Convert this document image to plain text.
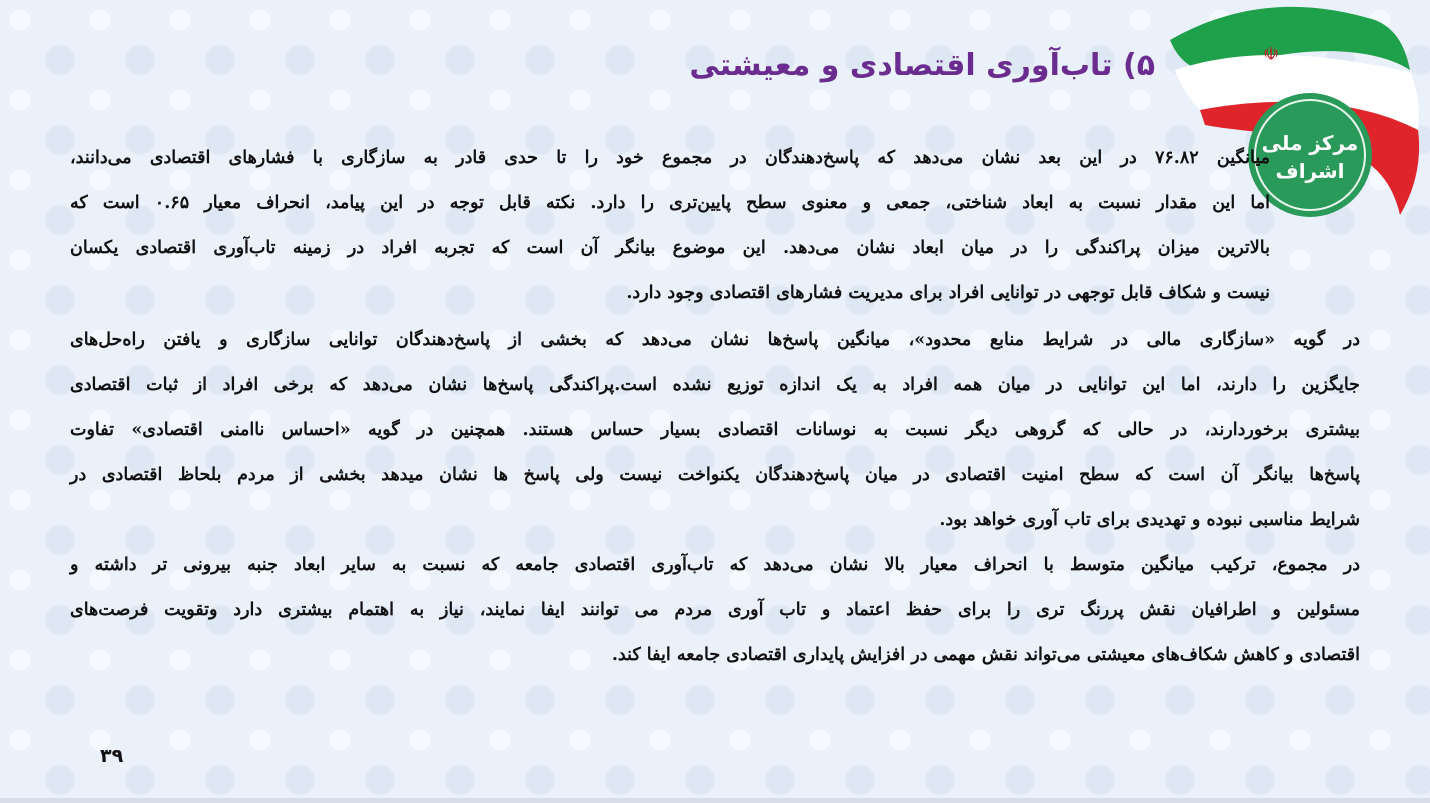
۵) تاب‌آوری اقتصادی و معیشتی	☫
مرکز ملی
اشراف
میانگین ۷۶.۸۲ در این بعد نشان می‌دهد که پاسخ‌دهندگان در مجموع خود را تا حدی قادر به سازگاری با فشارهای اقتصادی می‌دانند،
اما این مقدار نسبت به ابعاد شناختی، جمعی و معنوی سطح پایین‌تری را دارد. نکته قابل توجه در این پیامد، انحراف معیار ۰.۶۵ است که
بالاترین میزان پراکندگی را در میان ابعاد نشان می‌دهد. این موضوع بیانگر آن است که تجربه افراد در زمینه تاب‌آوری اقتصادی یکسان
نیست و شکاف قابل توجهی در توانایی افراد برای مدیریت فشارهای اقتصادی وجود دارد.
در گویه «سازگاری مالی در شرایط منابع محدود»، میانگین پاسخ‌ها نشان می‌دهد که بخشی از پاسخ‌دهندگان توانایی سازگاری و یافتن راه‌حل‌های
جایگزین را دارند، اما این توانایی در میان همه افراد به یک اندازه توزیع نشده است.پراکندگی پاسخ‌ها نشان می‌دهد که برخی افراد از ثبات اقتصادی
بیشتری برخوردارند، در حالی که گروهی دیگر نسبت به نوسانات اقتصادی بسیار حساس هستند. همچنین در گویه «احساس ناامنی اقتصادی» تفاوت
پاسخ‌ها بیانگر آن است که سطح امنیت اقتصادی در میان پاسخ‌دهندگان یکنواخت نیست ولی پاسخ ها نشان میدهد بخشی از مردم بلحاظ اقتصادی در
شرایط مناسبی نبوده و تهدیدی برای تاب آوری خواهد بود.
در مجموع، ترکیب میانگین متوسط با انحراف معیار بالا نشان می‌دهد که تاب‌آوری اقتصادی جامعه که نسبت به سایر ابعاد جنبه بیرونی تر داشته و
مسئولین و اطرافیان نقش پررنگ تری را برای حفظ اعتماد و تاب آوری مردم می توانند ایفا نمایند، نیاز به اهتمام بیشتری دارد وتقویت فرصت‌های
اقتصادی و کاهش شکاف‌های معیشتی می‌تواند نقش مهمی در افزایش پایداری اقتصادی جامعه ایفا کند.
۳۹
